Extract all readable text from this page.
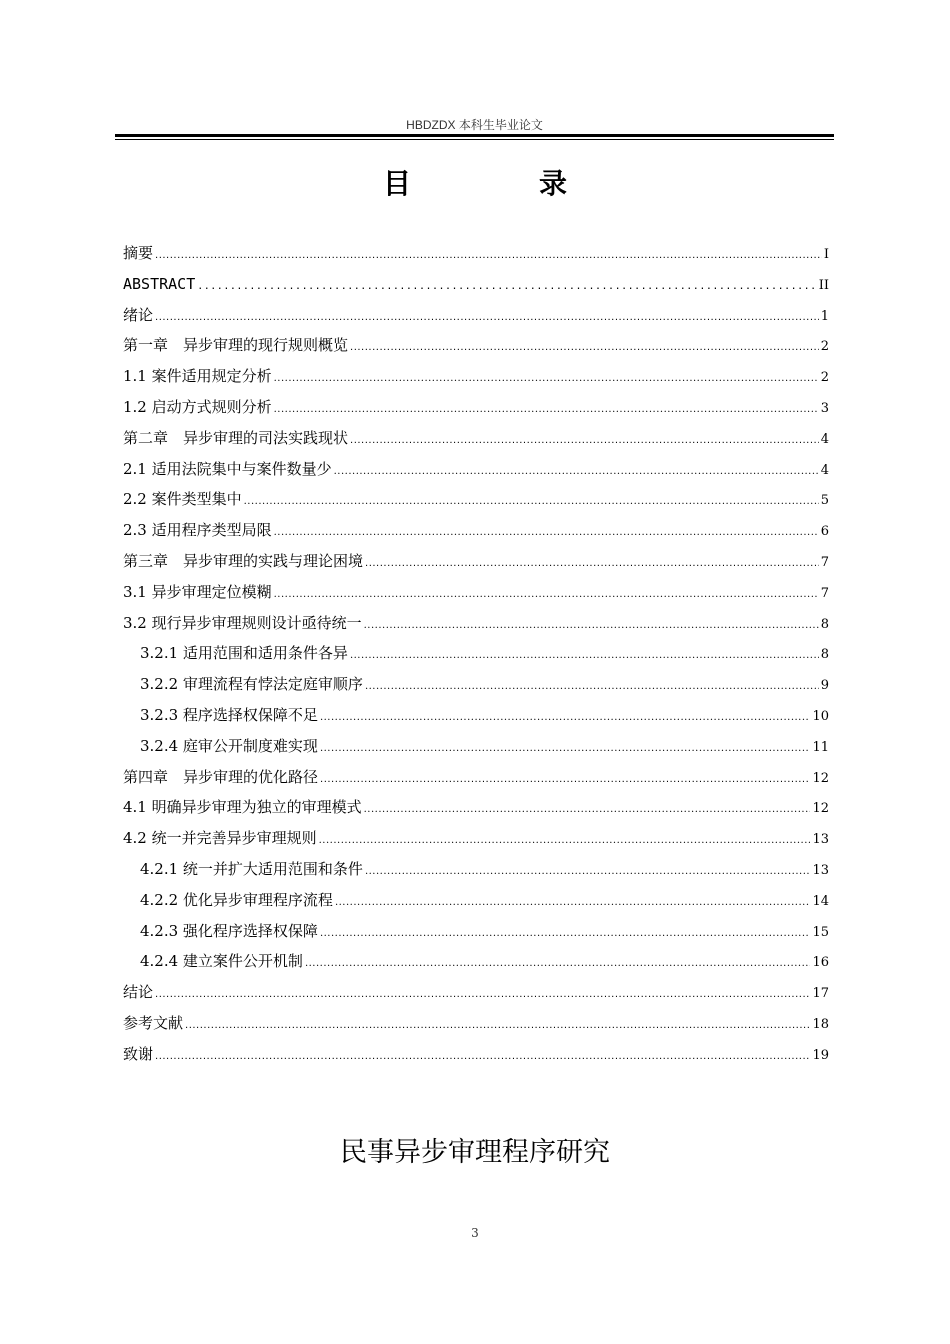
HBDZDX 本科生毕业论文
目　录
摘要 .....	I
ABSTRACT .....	II
绪论 .....	1
第一章　异步审理的现行规则概览 .....	2
1.1 案件适用规定分析 .....	2
1.2 启动方式规则分析 .....	3
第二章　异步审理的司法实践现状 .....	4
2.1 适用法院集中与案件数量少 .....	4
2.2 案件类型集中 .....	5
2.3 适用程序类型局限 .....	6
第三章　异步审理的实践与理论困境 .....	7
3.1 异步审理定位模糊 .....	7
3.2 现行异步审理规则设计亟待统一 .....	8
3.2.1 适用范围和适用条件各异 .....	8
3.2.2 审理流程有悖法定庭审顺序 .....	9
3.2.3 程序选择权保障不足 .....	10
3.2.4 庭审公开制度难实现 .....	11
第四章　异步审理的优化路径 .....	12
4.1 明确异步审理为独立的审理模式 .....	12
4.2 统一并完善异步审理规则 .....	13
4.2.1 统一并扩大适用范围和条件 .....	13
4.2.2 优化异步审理程序流程 .....	14
4.2.3 强化程序选择权保障 .....	15
4.2.4 建立案件公开机制 .....	16
结论 .....	17
参考文献 .....	18
致谢 .....	19
民事异步审理程序研究
3
